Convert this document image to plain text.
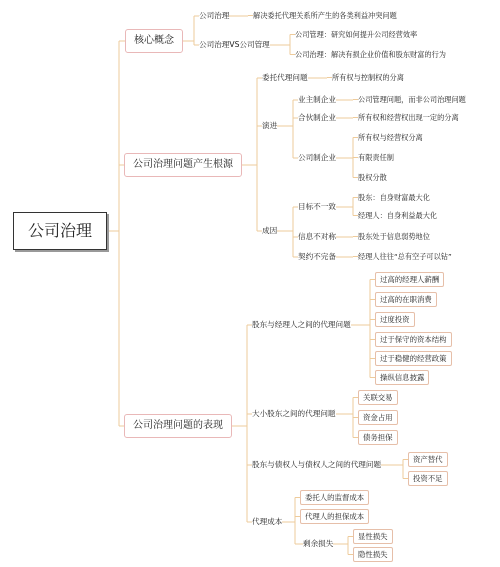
公司治理
核心概念
公司治理问题产生根源
公司治理问题的表现
公司治理	解决委托代理关系所产生的各类利益冲突问题
公司治理VS公司管理
公司管理：研究如何提升公司经营效率
公司治理：解决有损企业价值和股东财富的行为
委托代理问题	所有权与控制权的分离
演进
业主制企业	公司管理问题，而非公司治理问题
合伙制企业	所有权和经营权出现一定的分离
公司制企业
所有权与经营权分离
有限责任制
股权分散
成因
目标不一致
股东：自身财富最大化
经理人：自身利益最大化
信息不对称	股东处于信息弱势地位
契约不完备	经理人往往“总有空子可以钻”
股东与经理人之间的代理问题
过高的经理人薪酬
过高的在职消费
过度投资
过于保守的资本结构
过于稳健的经营政策
操纵信息披露
大小股东之间的代理问题
关联交易
资金占用
债务担保
股东与债权人与债权人之间的代理问题
资产替代
投资不足
代理成本
委托人的监督成本
代理人的担保成本
剩余损失
显性损失
隐性损失
